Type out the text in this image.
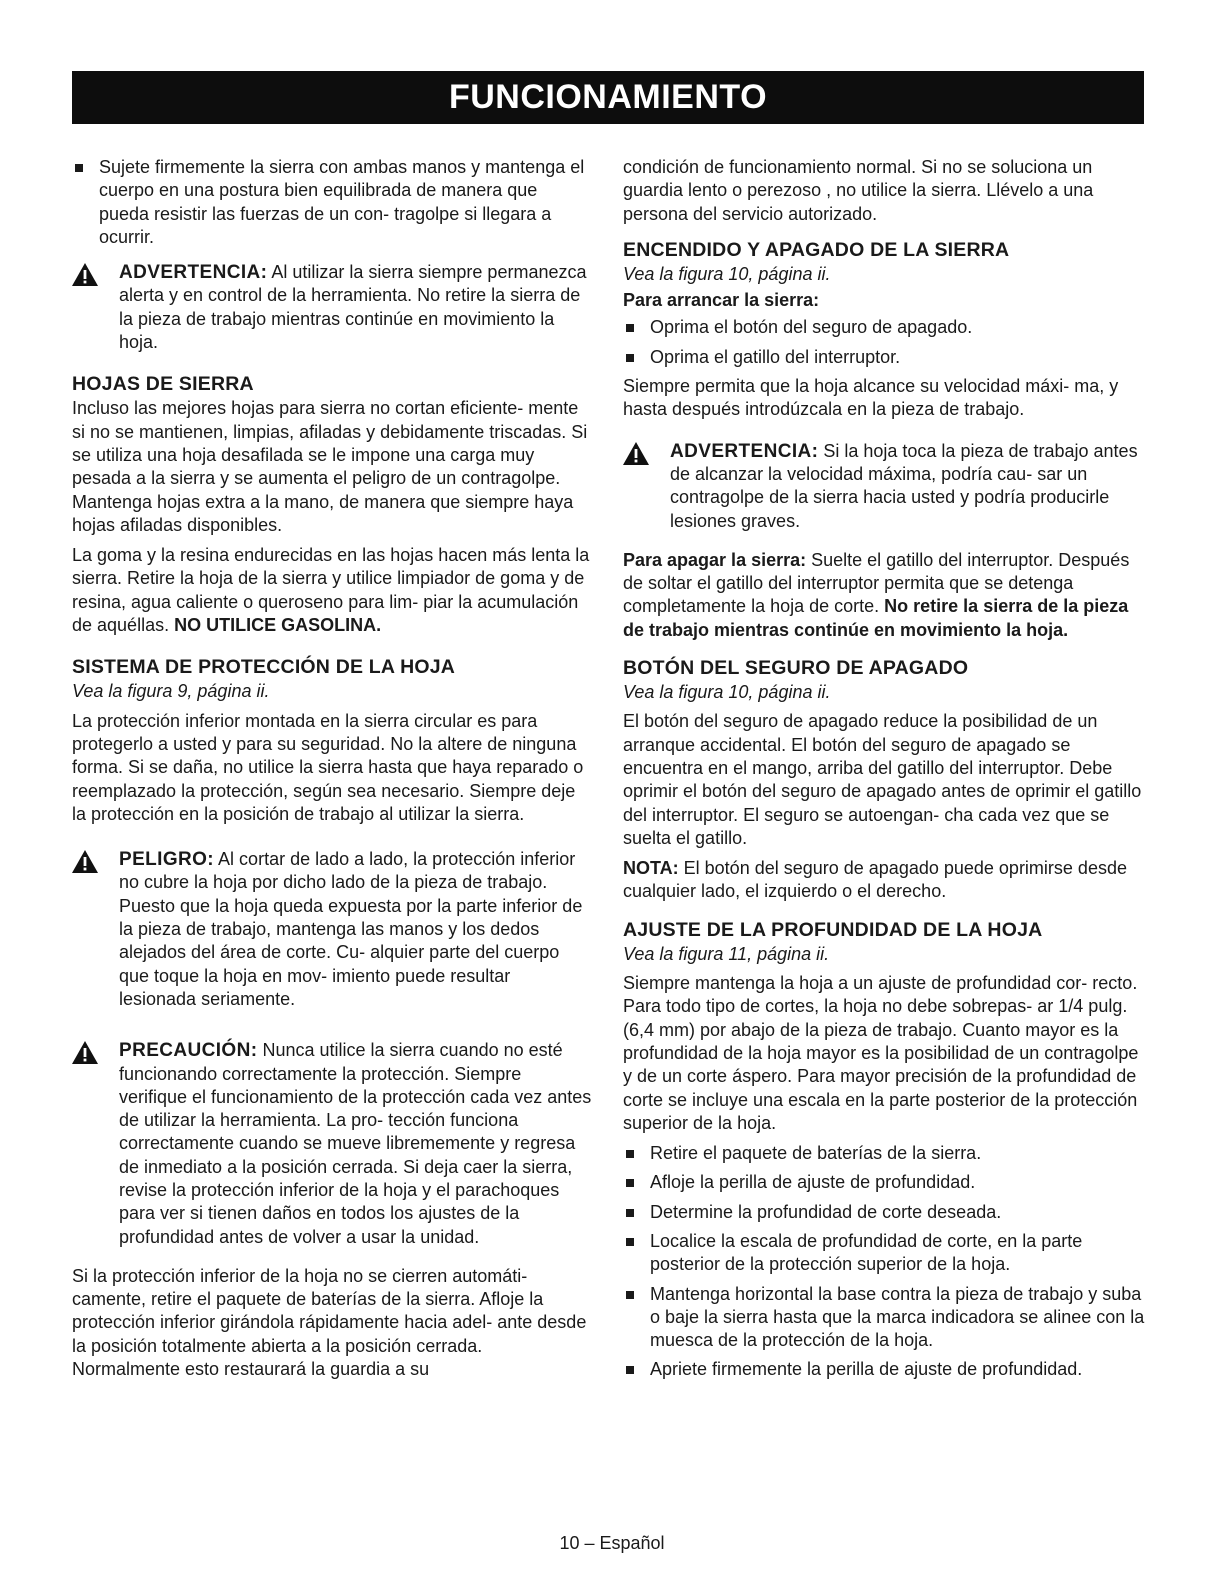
FUNCIONAMIENTO
Sujete firmemente la sierra con ambas manos y mantenga el cuerpo en una postura bien equilibrada de manera que pueda resistir las fuerzas de un con- tragolpe si llegara a ocurrir.
ADVERTENCIA: Al utilizar la sierra siempre permanezca alerta y en control de la herramienta. No retire la sierra de la pieza de trabajo mientras continúe en movimiento la hoja.
HOJAS DE SIERRA

Incluso las mejores hojas para sierra no cortan eficiente- mente si no se mantienen, limpias, afiladas y debidamente triscadas. Si se utiliza una hoja desafilada se le impone una carga muy pesada a la sierra y se aumenta el peligro de un contragolpe. Mantenga hojas extra a la mano, de manera que siempre haya hojas afiladas disponibles.

La goma y la resina endurecidas en las hojas hacen más lenta la sierra. Retire la hoja de la sierra y utilice limpiador de goma y de resina, agua caliente o queroseno para lim- piar la acumulación de aquéllas. NO UTILICE GASOLINA.

SISTEMA DE PROTECCIÓN DE LA HOJA

Vea la figura 9, página ii.

La protección inferior montada en la sierra circular es para protegerlo a usted y para su seguridad. No la altere de ninguna forma. Si se daña, no utilice la sierra hasta que haya reparado o reemplazado la protección, según sea necesario. Siempre deje la protección en la posición de trabajo al utilizar la sierra.

PELIGRO: Al cortar de lado a lado, la protección inferior no cubre la hoja por dicho lado de la pieza de trabajo. Puesto que la hoja queda expuesta por la parte inferior de la pieza de trabajo, mantenga las manos y los dedos alejados del área de corte. Cu- alquier parte del cuerpo que toque la hoja en mov- imiento puede resultar lesionada seriamente.
PRECAUCIÓN: Nunca utilice la sierra cuando no esté funcionando correctamente la protección. Siempre verifique el funcionamiento de la protección cada vez antes de utilizar la herramienta. La pro- tección funciona correctamente cuando se mueve librememente y regresa de inmediato a la posición cerrada. Si deja caer la sierra, revise la protección inferior de la hoja y el parachoques para ver si tienen daños en todos los ajustes de la profundidad antes de volver a usar la unidad.

Si la protección inferior de la hoja no se cierren automáti- camente, retire el paquete de baterías de la sierra. Afloje la protección inferior girándola rápidamente hacia adel- ante desde la posición totalmente abierta a la posición cerrada. Normalmente esto restaurará la guardia a su

condición de funcionamiento normal. Si no se soluciona un guardia lento o perezoso , no utilice la sierra. Llévelo a una persona del servicio autorizado.

ENCENDIDO Y APAGADO DE LA SIERRA

Vea la figura 10, página ii.

Para arrancar la sierra:

Oprima el botón del seguro de apagado.
Oprima el gatillo del interruptor.

Siempre permita que la hoja alcance su velocidad máxi- ma, y hasta después introdúzcala en la pieza de trabajo.

ADVERTENCIA: Si la hoja toca la pieza de trabajo antes de alcanzar la velocidad máxima, podría cau- sar un contragolpe de la sierra hacia usted y podría producirle lesiones graves.

Para apagar la sierra: Suelte el gatillo del interruptor. Después de soltar el gatillo del interruptor permita que se detenga completamente la hoja de corte. No retire la sierra de la pieza de trabajo mientras continúe en movimiento la hoja.

BOTÓN DEL SEGURO DE APAGADO

Vea la figura 10, página ii.

El botón del seguro de apagado reduce la posibilidad de un arranque accidental. El botón del seguro de apagado se encuentra en el mango, arriba del gatillo del interruptor. Debe oprimir el botón del seguro de apagado antes de oprimir el gatillo del interruptor. El seguro se autoengan- cha cada vez que se suelta el gatillo.

NOTA: El botón del seguro de apagado puede oprimirse desde cualquier lado, el izquierdo o el derecho.

AJUSTE DE LA PROFUNDIDAD DE LA HOJA

Vea la figura 11, página ii.

Siempre mantenga la hoja a un ajuste de profundidad cor- recto. Para todo tipo de cortes, la hoja no debe sobrepas- ar 1/4 pulg. (6,4 mm) por abajo de la pieza de trabajo. Cuanto mayor es la profundidad de la hoja mayor es la posibilidad de un contragolpe y de un corte áspero. Para mayor precisión de la profundidad de corte se incluye una escala en la parte posterior de la protección superior de la hoja.

Retire el paquete de baterías de la sierra.
Afloje la perilla de ajuste de profundidad.
Determine la profundidad de corte deseada.
Localice la escala de profundidad de corte, en la parte posterior de la protección superior de la hoja.
Mantenga horizontal la base contra la pieza de trabajo y suba o baje la sierra hasta que la marca indicadora se alinee con la muesca de la protección de la hoja.
Apriete firmemente la perilla de ajuste de profundidad.
10 – Español
